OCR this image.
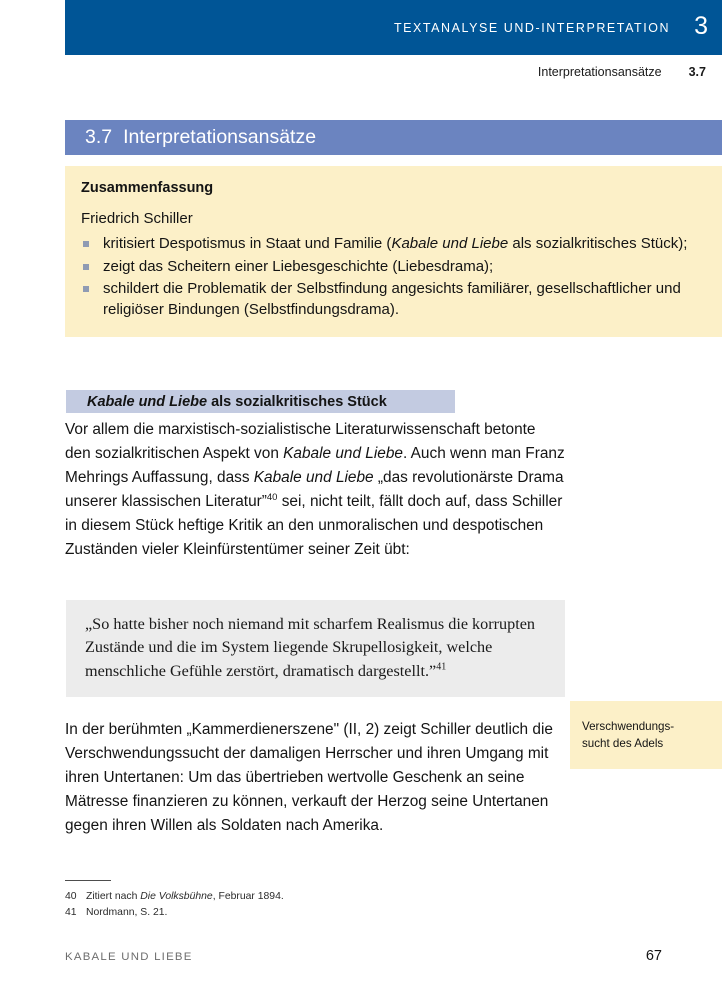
TEXTANALYSE UND-INTERPRETATION 3
Interpretationsansätze 3.7
3.7 Interpretationsansätze
Zusammenfassung
Friedrich Schiller
kritisiert Despotismus in Staat und Familie (Kabale und Liebe als sozialkritisches Stück);
zeigt das Scheitern einer Liebesgeschichte (Liebesdrama);
schildert die Problematik der Selbstfindung angesichts familiärer, gesellschaftlicher und religiöser Bindungen (Selbstfindungsdrama).
Kabale und Liebe als sozialkritisches Stück

Vor allem die marxistisch-sozialistische Literaturwissenschaft betonte den sozialkritischen Aspekt von Kabale und Liebe. Auch wenn man Franz Mehrings Auffassung, dass Kabale und Liebe „das revolutionärste Drama unserer klassischen Literatur”$^{40}$ sei, nicht teilt, fällt doch auf, dass Schiller in diesem Stück heftige Kritik an den unmoralischen und despotischen Zuständen vieler Kleinfürstentümer seiner Zeit übt:

„So hatte bisher noch niemand mit scharfem Realismus die korrupten Zustände und die im System liegende Skrupellosigkeit, welche menschliche Gefühle zerstört, dramatisch dargestellt.”$^{41}$

In der berühmten „Kammerdienerszene" (II, 2) zeigt Schiller deutlich die Verschwendungssucht der damaligen Herrscher und ihren Umgang mit ihren Untertanen: Um das übertrieben wertvolle Geschenk an seine Mätresse finanzieren zu können, verkauft der Herzog seine Untertanen gegen ihren Willen als Soldaten nach Amerika.

Verschwendungs-
sucht des Adels
40 Zitiert nach Die Volksbühne, Februar 1894.
41 Nordmann, S. 21.
KABALE UND LIEBE	67
